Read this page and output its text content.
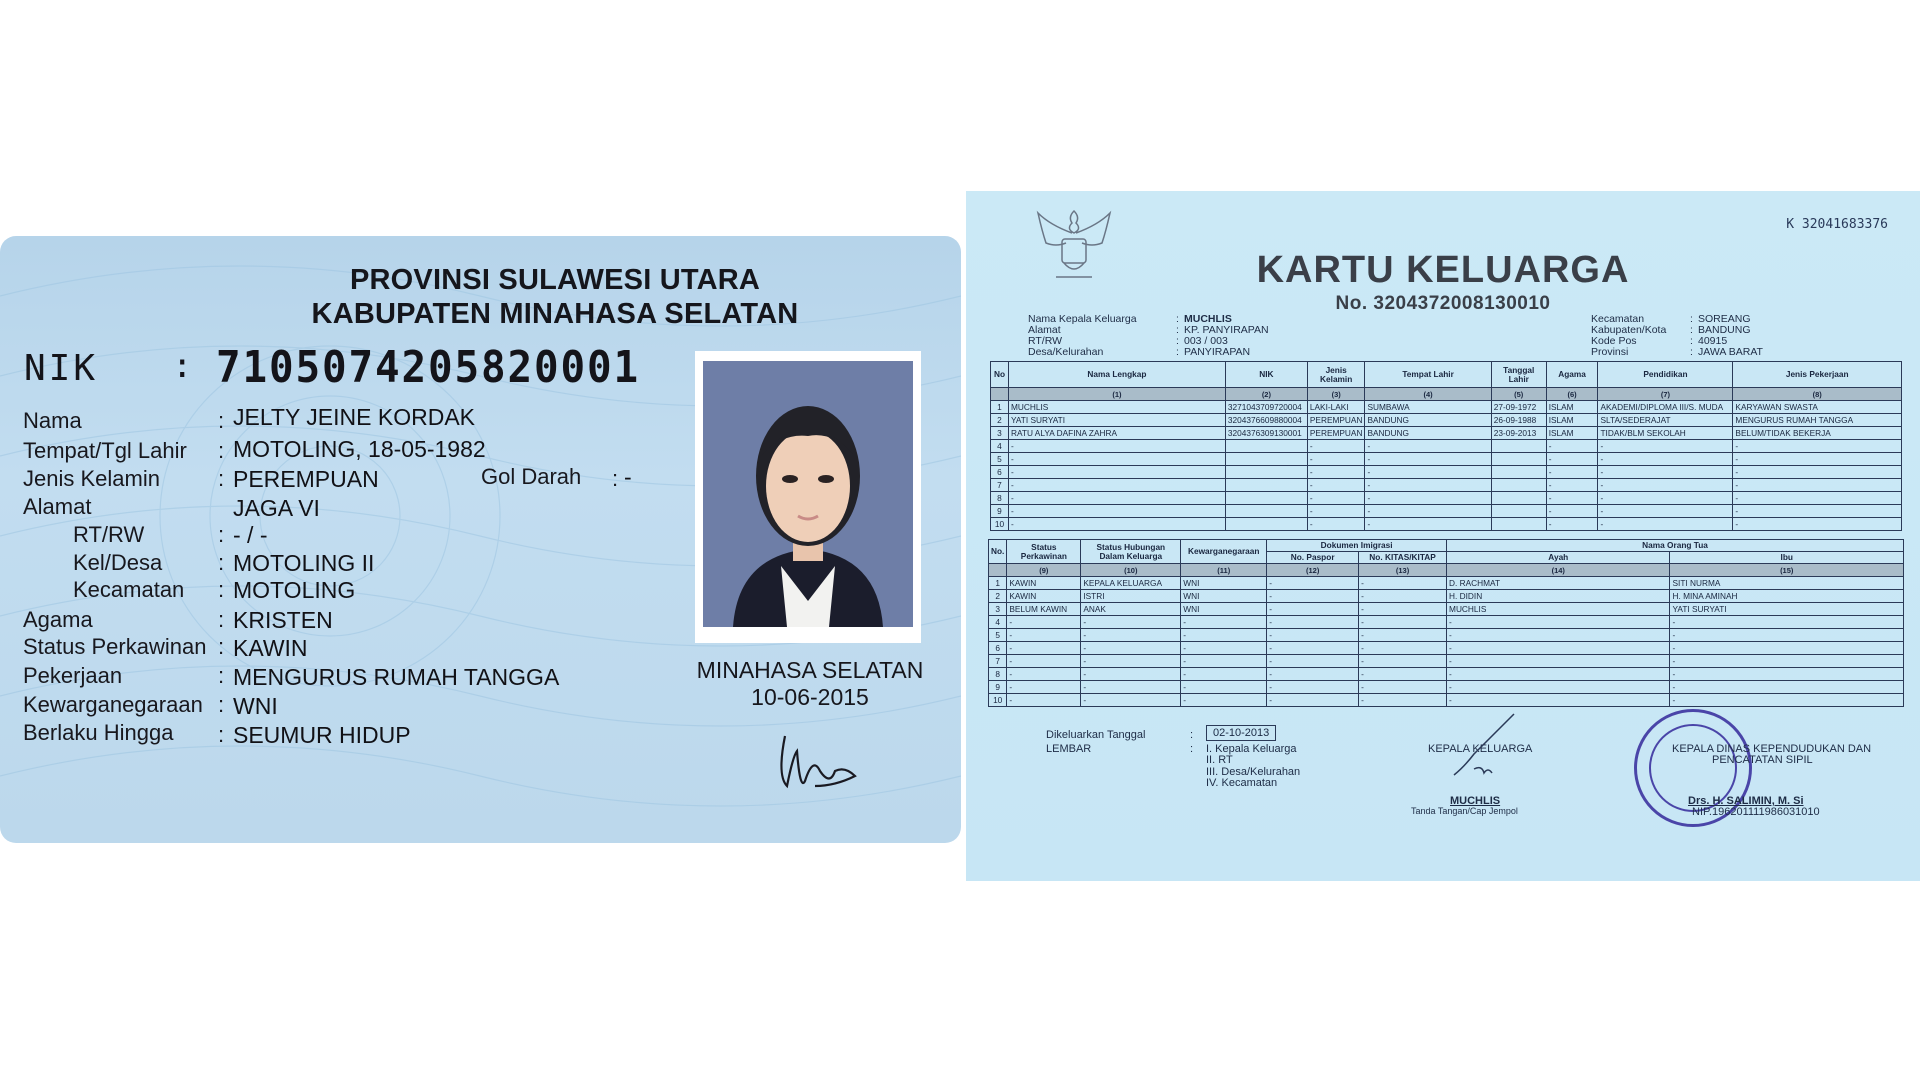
PROVINSI SULAWESI UTARA
KABUPATEN MINAHASA SELATAN
NIK : 7105074205820001
Nama	: JELTY JEINE KORDAK
Tempat/Tgl Lahir : MOTOLING, 18-05-1982
Jenis Kelamin	: PEREMPUAN	Gol Darah : -
Alamat	JAGA VI
RT/RW	: - / -
Kel/Desa	: MOTOLING II
Kecamatan : MOTOLING
Agama	: KRISTEN
Status Perkawinan : KAWIN
Pekerjaan	: MENGURUS RUMAH TANGGA
Kewarganegaraan : WNI
Berlaku Hingga : SEUMUR HIDUP
MINAHASA SELATAN
10-06-2015
K 32041683376
KARTU KELUARGA
No. 3204372008130010
Nama Kepala Keluarga	: MUCHLIS
Alamat	: KP. PANYIRAPAN
RT/RW	: 003 / 003
Desa/Kelurahan	: PANYIRAPAN
Kecamatan	: SOREANG
Kabupaten/Kota : BANDUNG
Kode Pos	: 40915
Provinsi	: JAWA BARAT
No	Nama Lengkap	NIK	Jenis Kelamin	Tempat Lahir	Tanggal Lahir	Agama	Pendidikan	Jenis Pekerjaan
	(1)	(2)	(3)	(4)	(5)	(6)	(7)	(8)
1	MUCHLIS	3271043709720004	LAKI-LAKI	SUMBAWA	27-09-1972	ISLAM	AKADEMI/DIPLOMA III/S. MUDA	KARYAWAN SWASTA
2	YATI SURYATI	3204376609880004	PEREMPUAN	BANDUNG	26-09-1988	ISLAM	SLTA/SEDERAJAT	MENGURUS RUMAH TANGGA
3	RATU ALYA DAFINA ZAHRA	3204376309130001	PEREMPUAN	BANDUNG	23-09-2013	ISLAM	TIDAK/BLM SEKOLAH	BELUM/TIDAK BEKERJA
4	-		-	-		-	-	-
5	-		-	-		-	-	-
6	-		-	-		-	-	-
7	-		-	-		-	-	-
8	-		-	-		-	-	-
9	-		-	-		-	-	-
10	-		-	-		-	-	-
No.	Status Perkawinan	Status Hubungan Dalam Keluarga	Kewarganegaraan	Dokumen Imigrasi		Nama Orang Tua	
				No. Paspor	No. KITAS/KITAP	Ayah	Ibu
	(9)	(10)	(11)	(12)	(13)	(14)	(15)
1	KAWIN	KEPALA KELUARGA	WNI	-	-	D. RACHMAT	SITI NURMA
2	KAWIN	ISTRI	WNI	-	-	H. DIDIN	H. MINA AMINAH
3	BELUM KAWIN	ANAK	WNI	-	-	MUCHLIS	YATI SURYATI
4	-	-	-	-	-	-	-
5	-	-	-	-	-	-	-
6	-	-	-	-	-	-	-
7	-	-	-	-	-	-	-
8	-	-	-	-	-	-	-
9	-	-	-	-	-	-	-
10	-	-	-	-	-	-	-
Dikeluarkan Tanggal	:	02-10-2013
LEMBAR	: I. Kepala Keluarga
II. RT
III. Desa/Kelurahan
IV. Kecamatan
KEPALA KELUARGA
MUCHLIS
Tanda Tangan/Cap Jempol
KEPALA DINAS KEPENDUDUKAN DAN
PENCATATAN SIPIL
Drs. H. SALIMIN, M. Si
NIP.196201111986031010
